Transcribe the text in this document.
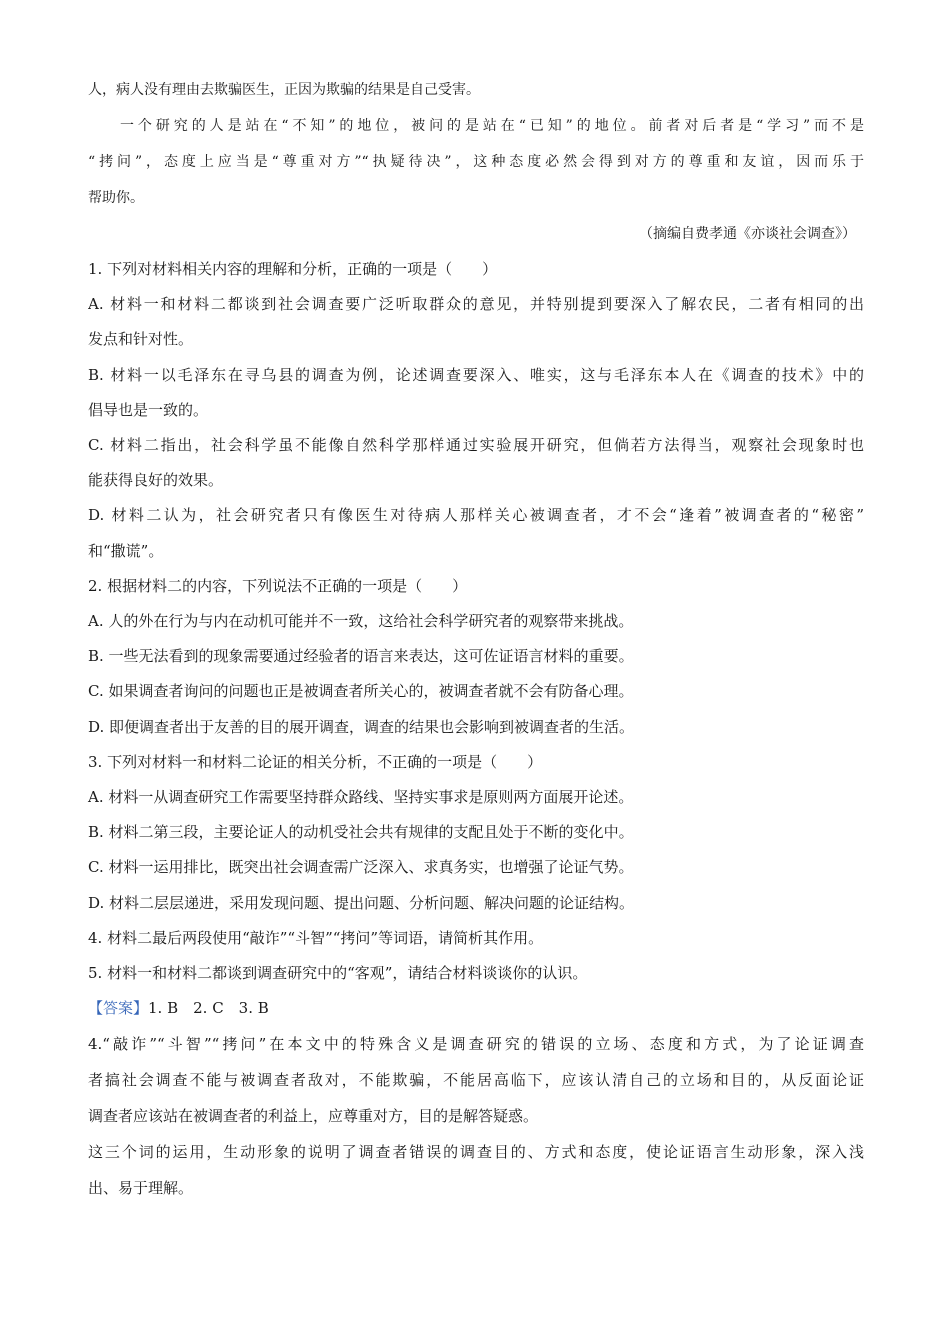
人，病人没有理由去欺骗医生，正因为欺骗的结果是自己受害。
一个研究的人是站在“不知”的地位，被问的是站在“已知”的地位。前者对后者是“学习”而不是
“拷问”，态度上应当是“尊重对方”“执疑待决”，这种态度必然会得到对方的尊重和友谊，因而乐于
帮助你。
（摘编自费孝通《亦谈社会调查》）
1. 下列对材料相关内容的理解和分析，正确的一项是（　　）
A. 材料一和材料二都谈到社会调查要广泛听取群众的意见，并特别提到要深入了解农民，二者有相同的出
发点和针对性。
B. 材料一以毛泽东在寻乌县的调查为例，论述调查要深入、唯实，这与毛泽东本人在《调查的技术》中的
倡导也是一致的。
C. 材料二指出，社会科学虽不能像自然科学那样通过实验展开研究，但倘若方法得当，观察社会现象时也
能获得良好的效果。
D. 材料二认为，社会研究者只有像医生对待病人那样关心被调查者，才不会“逢着”被调查者的“秘密”
和“撒谎”。
2. 根据材料二的内容，下列说法不正确的一项是（　　）
A. 人的外在行为与内在动机可能并不一致，这给社会科学研究者的观察带来挑战。
B. 一些无法看到的现象需要通过经验者的语言来表达，这可佐证语言材料的重要。
C. 如果调查者询问的问题也正是被调查者所关心的，被调查者就不会有防备心理。
D. 即便调查者出于友善的目的展开调查，调查的结果也会影响到被调查者的生活。
3. 下列对材料一和材料二论证的相关分析，不正确的一项是（　　）
A. 材料一从调查研究工作需要坚持群众路线、坚持实事求是原则两方面展开论述。
B. 材料二第三段，主要论证人的动机受社会共有规律的支配且处于不断的变化中。
C. 材料一运用排比，既突出社会调查需广泛深入、求真务实，也增强了论证气势。
D. 材料二层层递进，采用发现问题、提出问题、分析问题、解决问题的论证结构。
4. 材料二最后两段使用“敲诈”“斗智”“拷问”等词语，请简析其作用。
5. 材料一和材料二都谈到调查研究中的“客观”，请结合材料谈谈你的认识。
【答案】1. B　2. C　3. B
4.“敲诈”“斗智”“拷问”在本文中的特殊含义是调查研究的错误的立场、态度和方式，为了论证调查
者搞社会调查不能与被调查者敌对，不能欺骗，不能居高临下，应该认清自己的立场和目的，从反面论证
调查者应该站在被调查者的利益上，应尊重对方，目的是解答疑惑。
这三个词的运用，生动形象的说明了调查者错误的调查目的、方式和态度，使论证语言生动形象，深入浅
出、易于理解。
